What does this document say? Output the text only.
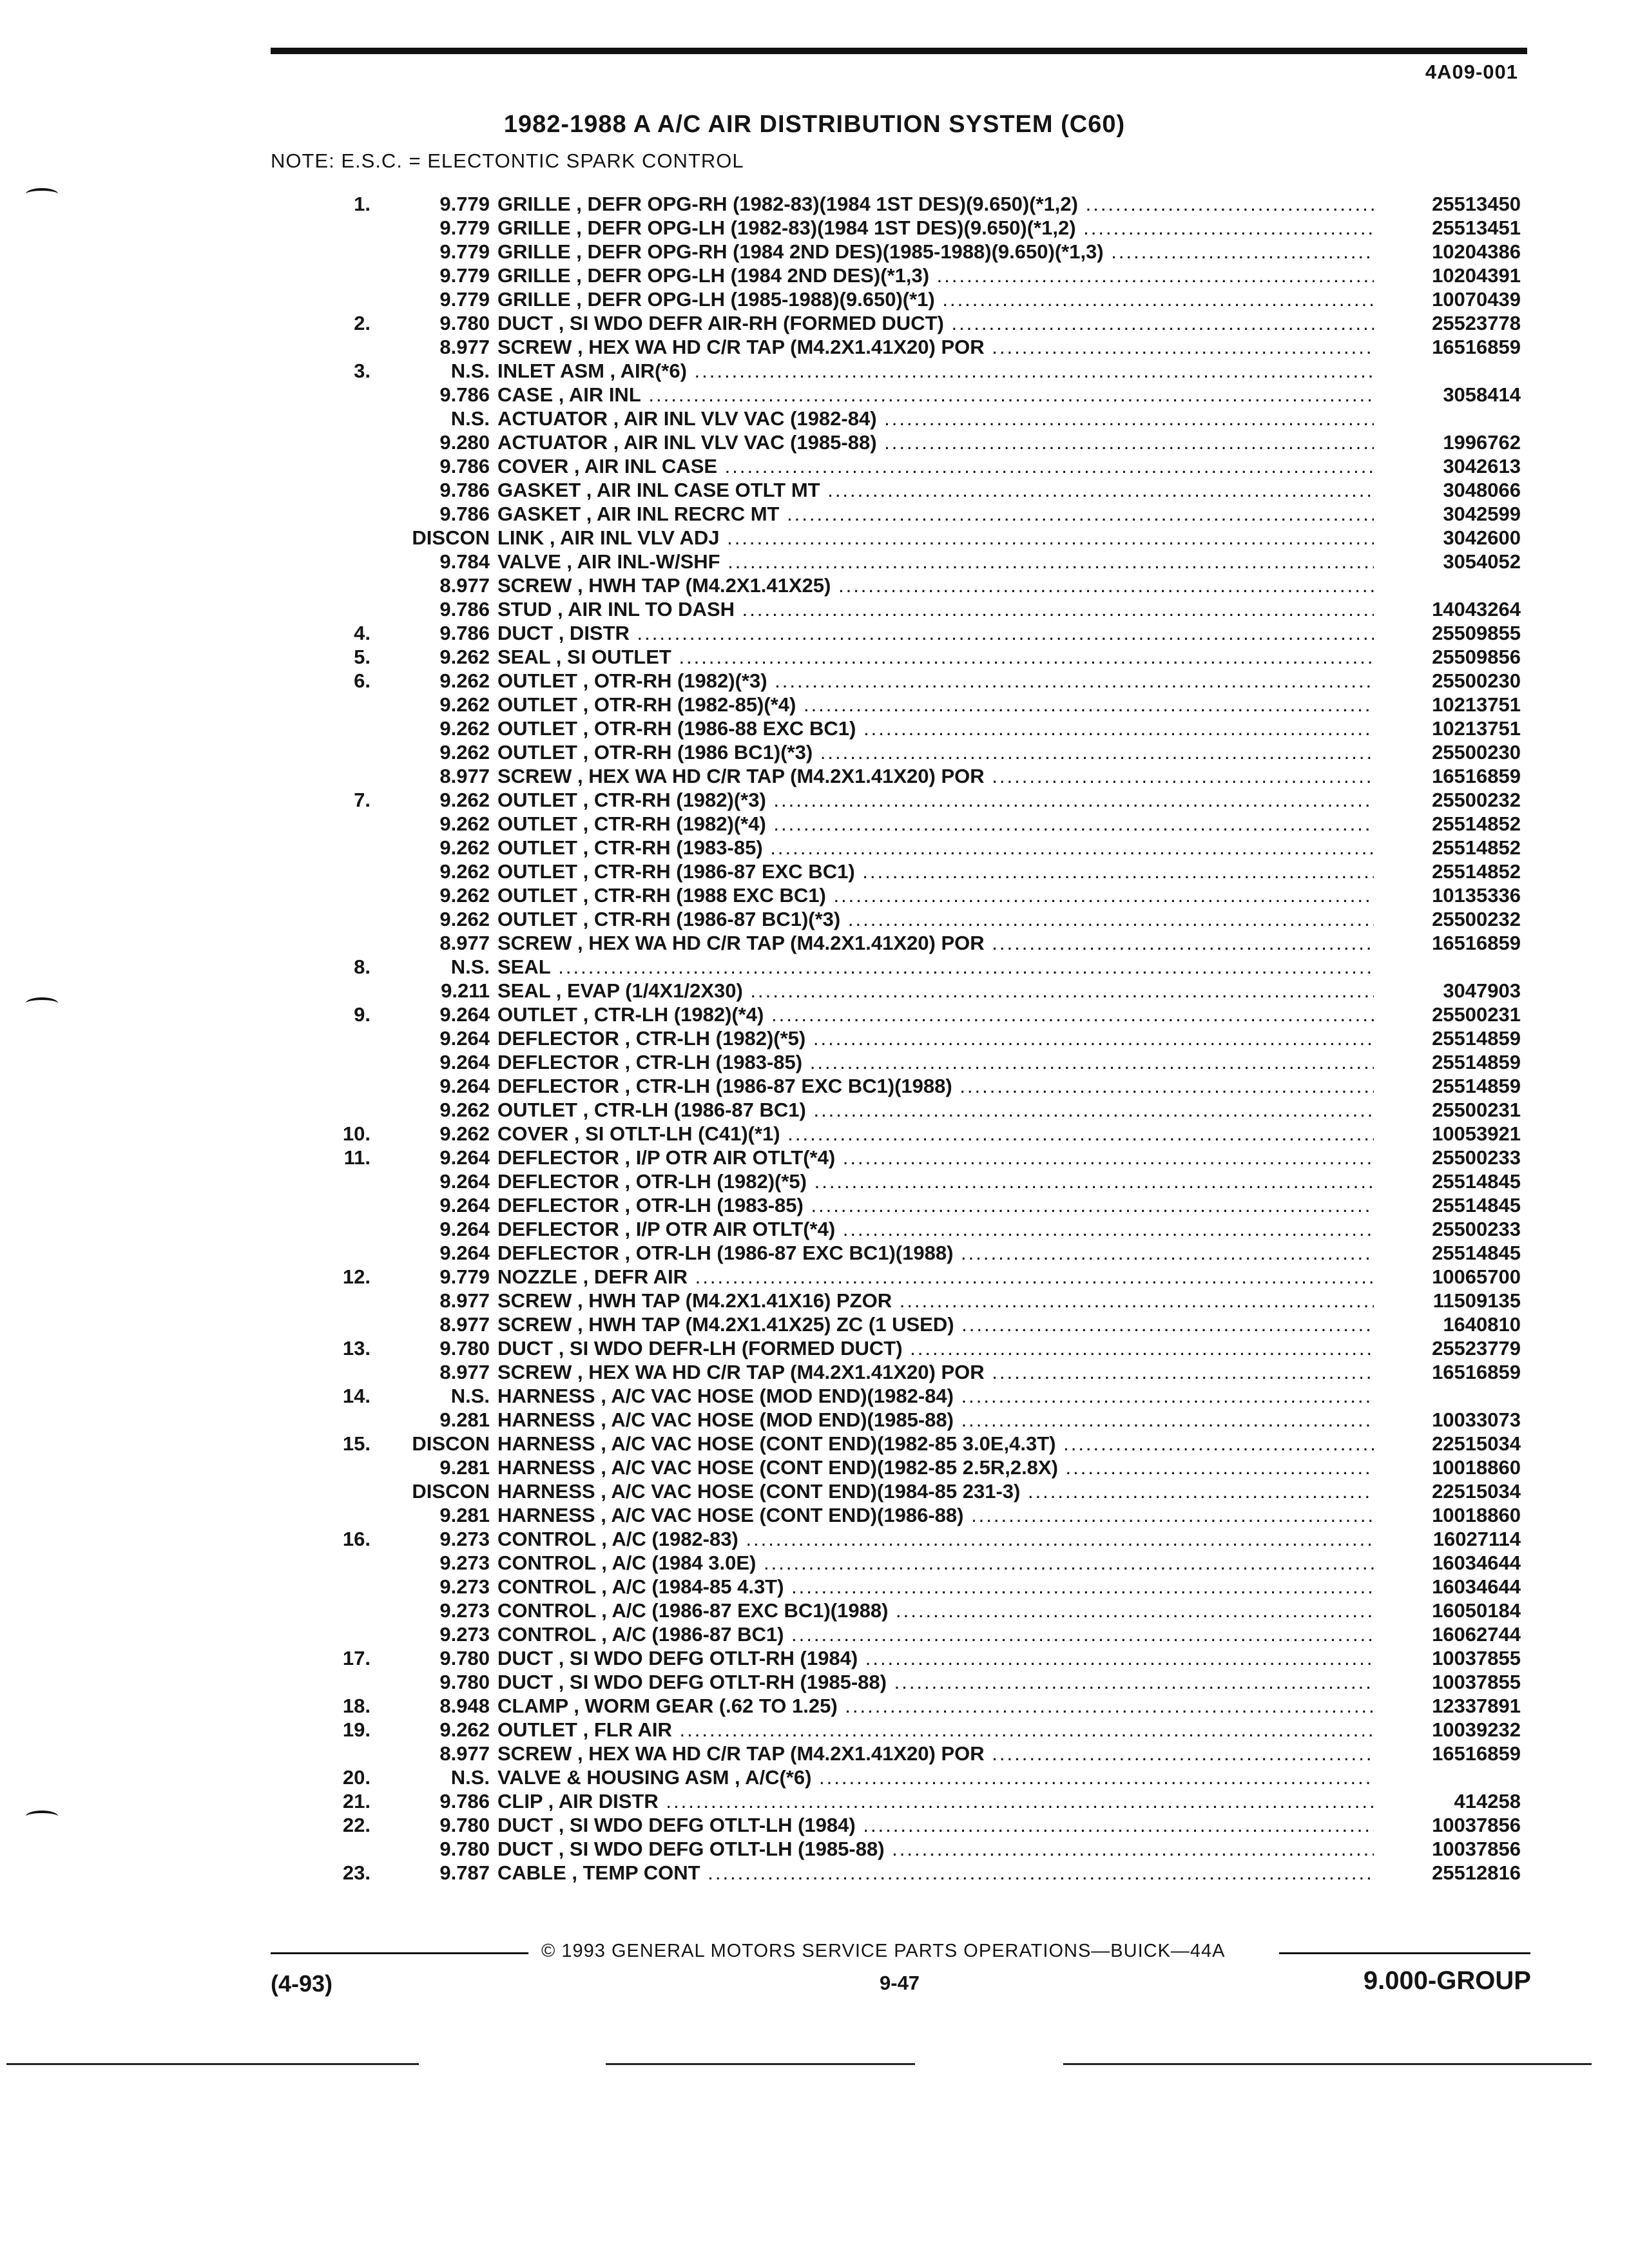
4A09-001
1982-1988 A A/C AIR DISTRIBUTION SYSTEM (C60)
NOTE: E.S.C. = ELECTONTIC SPARK CONTROL
1.	9.779 GRILLE , DEFR OPG-RH (1982-83)(1984 1ST DES)(9.650)(*1,2) .....	25513450
9.779 GRILLE , DEFR OPG-LH (1982-83)(1984 1ST DES)(9.650)(*1,2) .....	25513451
9.779 GRILLE , DEFR OPG-RH (1984 2ND DES)(1985-1988)(9.650)(*1,3) .....	10204386
9.779 GRILLE , DEFR OPG-LH (1984 2ND DES)(*1,3) .....	10204391
9.779 GRILLE , DEFR OPG-LH (1985-1988)(9.650)(*1) .....	10070439
2.	9.780 DUCT , SI WDO DEFR AIR-RH (FORMED DUCT) .....	25523778
8.977 SCREW , HEX WA HD C/R TAP (M4.2X1.41X20) POR .....	16516859
3.	N.S. INLET ASM , AIR(*6) .....
9.786 CASE , AIR INL .....	3058414
N.S. ACTUATOR , AIR INL VLV VAC (1982-84) .....
9.280 ACTUATOR , AIR INL VLV VAC (1985-88) .....	1996762
9.786 COVER , AIR INL CASE .....	3042613
9.786 GASKET , AIR INL CASE OTLT MT .....	3048066
9.786 GASKET , AIR INL RECRC MT .....	3042599
DISCON LINK , AIR INL VLV ADJ .....	3042600
9.784 VALVE , AIR INL-W/SHF .....	3054052
8.977 SCREW , HWH TAP (M4.2X1.41X25) .....
9.786 STUD , AIR INL TO DASH .....	14043264
4.	9.786 DUCT , DISTR .....	25509855
5.	9.262 SEAL , SI OUTLET .....	25509856
6.	9.262 OUTLET , OTR-RH (1982)(*3) .....	25500230
9.262 OUTLET , OTR-RH (1982-85)(*4) .....	10213751
9.262 OUTLET , OTR-RH (1986-88 EXC BC1) .....	10213751
9.262 OUTLET , OTR-RH (1986 BC1)(*3) .....	25500230
8.977 SCREW , HEX WA HD C/R TAP (M4.2X1.41X20) POR .....	16516859
7.	9.262 OUTLET , CTR-RH (1982)(*3) .....	25500232
9.262 OUTLET , CTR-RH (1982)(*4) .....	25514852
9.262 OUTLET , CTR-RH (1983-85) .....	25514852
9.262 OUTLET , CTR-RH (1986-87 EXC BC1) .....	25514852
9.262 OUTLET , CTR-RH (1988 EXC BC1) .....	10135336
9.262 OUTLET , CTR-RH (1986-87 BC1)(*3) .....	25500232
8.977 SCREW , HEX WA HD C/R TAP (M4.2X1.41X20) POR .....	16516859
8.	N.S. SEAL .....
9.211 SEAL , EVAP (1/4X1/2X30) .....	3047903
9.	9.264 OUTLET , CTR-LH (1982)(*4) .....	25500231
9.264 DEFLECTOR , CTR-LH (1982)(*5) .....	25514859
9.264 DEFLECTOR , CTR-LH (1983-85) .....	25514859
9.264 DEFLECTOR , CTR-LH (1986-87 EXC BC1)(1988) .....	25514859
9.262 OUTLET , CTR-LH (1986-87 BC1) .....	25500231
10.	9.262 COVER , SI OTLT-LH (C41)(*1) .....	10053921
11.	9.264 DEFLECTOR , I/P OTR AIR OTLT(*4) .....	25500233
9.264 DEFLECTOR , OTR-LH (1982)(*5) .....	25514845
9.264 DEFLECTOR , OTR-LH (1983-85) .....	25514845
9.264 DEFLECTOR , I/P OTR AIR OTLT(*4) .....	25500233
9.264 DEFLECTOR , OTR-LH (1986-87 EXC BC1)(1988) .....	25514845
12.	9.779 NOZZLE , DEFR AIR .....	10065700
8.977 SCREW , HWH TAP (M4.2X1.41X16) PZOR .....	11509135
8.977 SCREW , HWH TAP (M4.2X1.41X25) ZC (1 USED) .....	1640810
13.	9.780 DUCT , SI WDO DEFR-LH (FORMED DUCT) .....	25523779
8.977 SCREW , HEX WA HD C/R TAP (M4.2X1.41X20) POR .....	16516859
14.	N.S. HARNESS , A/C VAC HOSE (MOD END)(1982-84) .....
9.281 HARNESS , A/C VAC HOSE (MOD END)(1985-88) .....	10033073
15.	DISCON HARNESS , A/C VAC HOSE (CONT END)(1982-85 3.0E,4.3T) .....	22515034
9.281 HARNESS , A/C VAC HOSE (CONT END)(1982-85 2.5R,2.8X) .....	10018860
DISCON HARNESS , A/C VAC HOSE (CONT END)(1984-85 231-3) .....	22515034
9.281 HARNESS , A/C VAC HOSE (CONT END)(1986-88) .....	10018860
16.	9.273 CONTROL , A/C (1982-83) .....	16027114
9.273 CONTROL , A/C (1984 3.0E) .....	16034644
9.273 CONTROL , A/C (1984-85 4.3T) .....	16034644
9.273 CONTROL , A/C (1986-87 EXC BC1)(1988) .....	16050184
9.273 CONTROL , A/C (1986-87 BC1) .....	16062744
17.	9.780 DUCT , SI WDO DEFG OTLT-RH (1984) .....	10037855
9.780 DUCT , SI WDO DEFG OTLT-RH (1985-88) .....	10037855
18.	8.948 CLAMP , WORM GEAR (.62 TO 1.25) .....	12337891
19.	9.262 OUTLET , FLR AIR .....	10039232
8.977 SCREW , HEX WA HD C/R TAP (M4.2X1.41X20) POR .....	16516859
20.	N.S. VALVE & HOUSING ASM , A/C(*6) .....
21.	9.786 CLIP , AIR DISTR .....	414258
22.	9.780 DUCT , SI WDO DEFG OTLT-LH (1984) .....	10037856
9.780 DUCT , SI WDO DEFG OTLT-LH (1985-88) .....	10037856
23.	9.787 CABLE , TEMP CONT .....	25512816
© 1993 GENERAL MOTORS SERVICE PARTS OPERATIONS—BUICK—44A
(4-93)	9-47	9.000-GROUP
